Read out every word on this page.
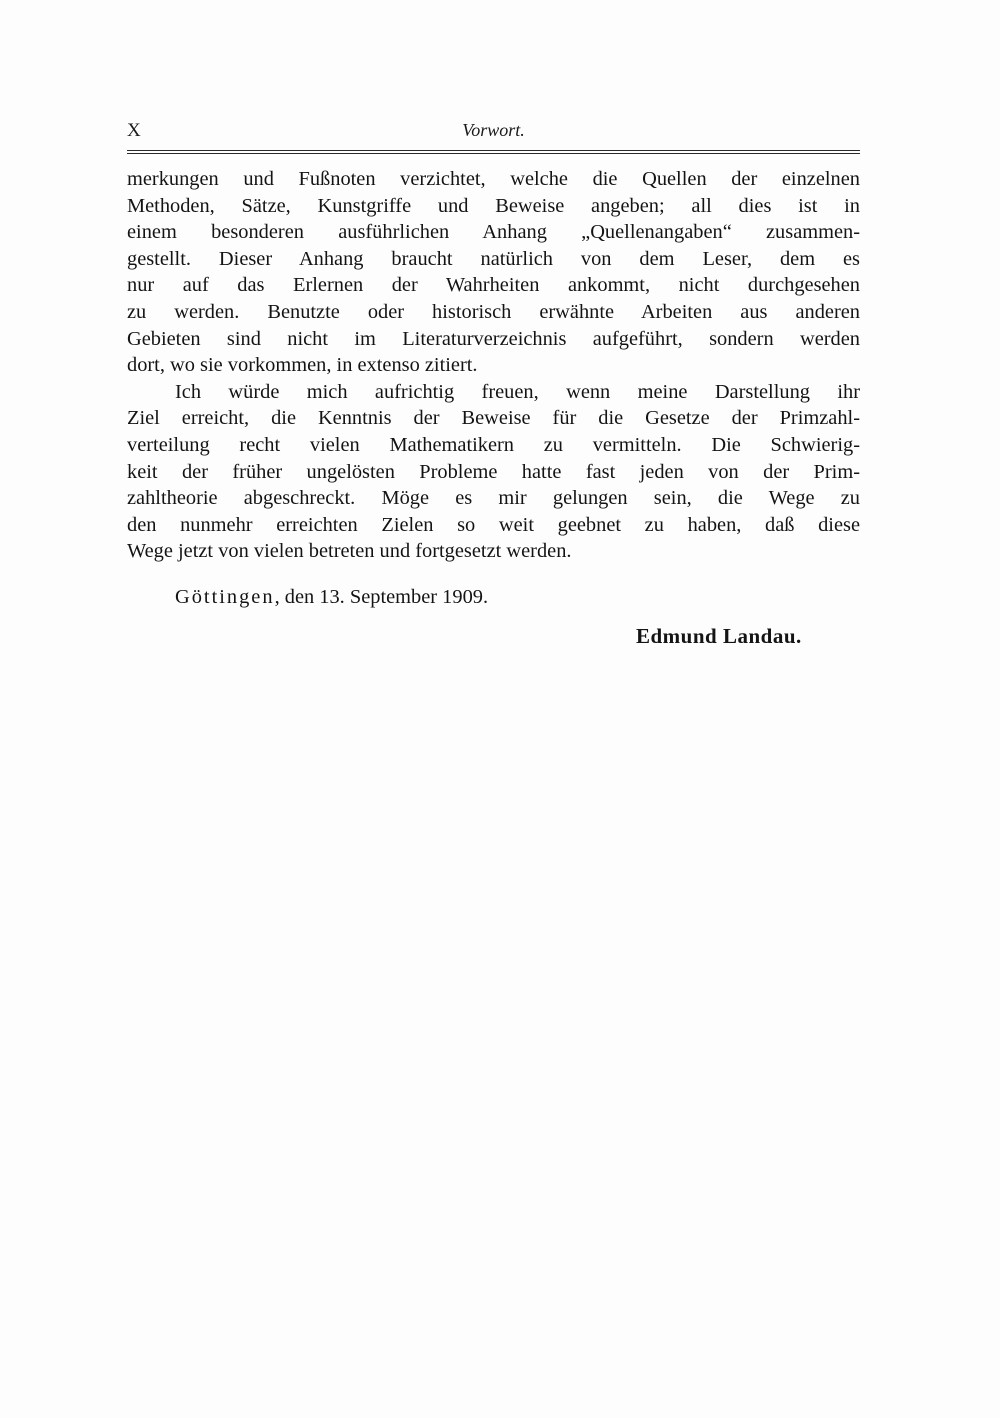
X	Vorwort.
merkungen und Fußnoten verzichtet, welche die Quellen der einzelnen
Methoden, Sätze, Kunstgriffe und Beweise angeben; all dies ist in
einem besonderen ausführlichen Anhang „Quellenangaben“ zusammen-
gestellt. Dieser Anhang braucht natürlich von dem Leser, dem es
nur auf das Erlernen der Wahrheiten ankommt, nicht durchgesehen
zu werden. Benutzte oder historisch erwähnte Arbeiten aus anderen
Gebieten sind nicht im Literaturverzeichnis aufgeführt, sondern werden
dort, wo sie vorkommen, in extenso zitiert.
Ich würde mich aufrichtig freuen, wenn meine Darstellung ihr
Ziel erreicht, die Kenntnis der Beweise für die Gesetze der Primzahl-
verteilung recht vielen Mathematikern zu vermitteln. Die Schwierig-
keit der früher ungelösten Probleme hatte fast jeden von der Prim-
zahltheorie abgeschreckt. Möge es mir gelungen sein, die Wege zu
den nunmehr erreichten Zielen so weit geebnet zu haben, daß diese
Wege jetzt von vielen betreten und fortgesetzt werden.
Göttingen, den 13. September 1909.
Edmund Landau.
